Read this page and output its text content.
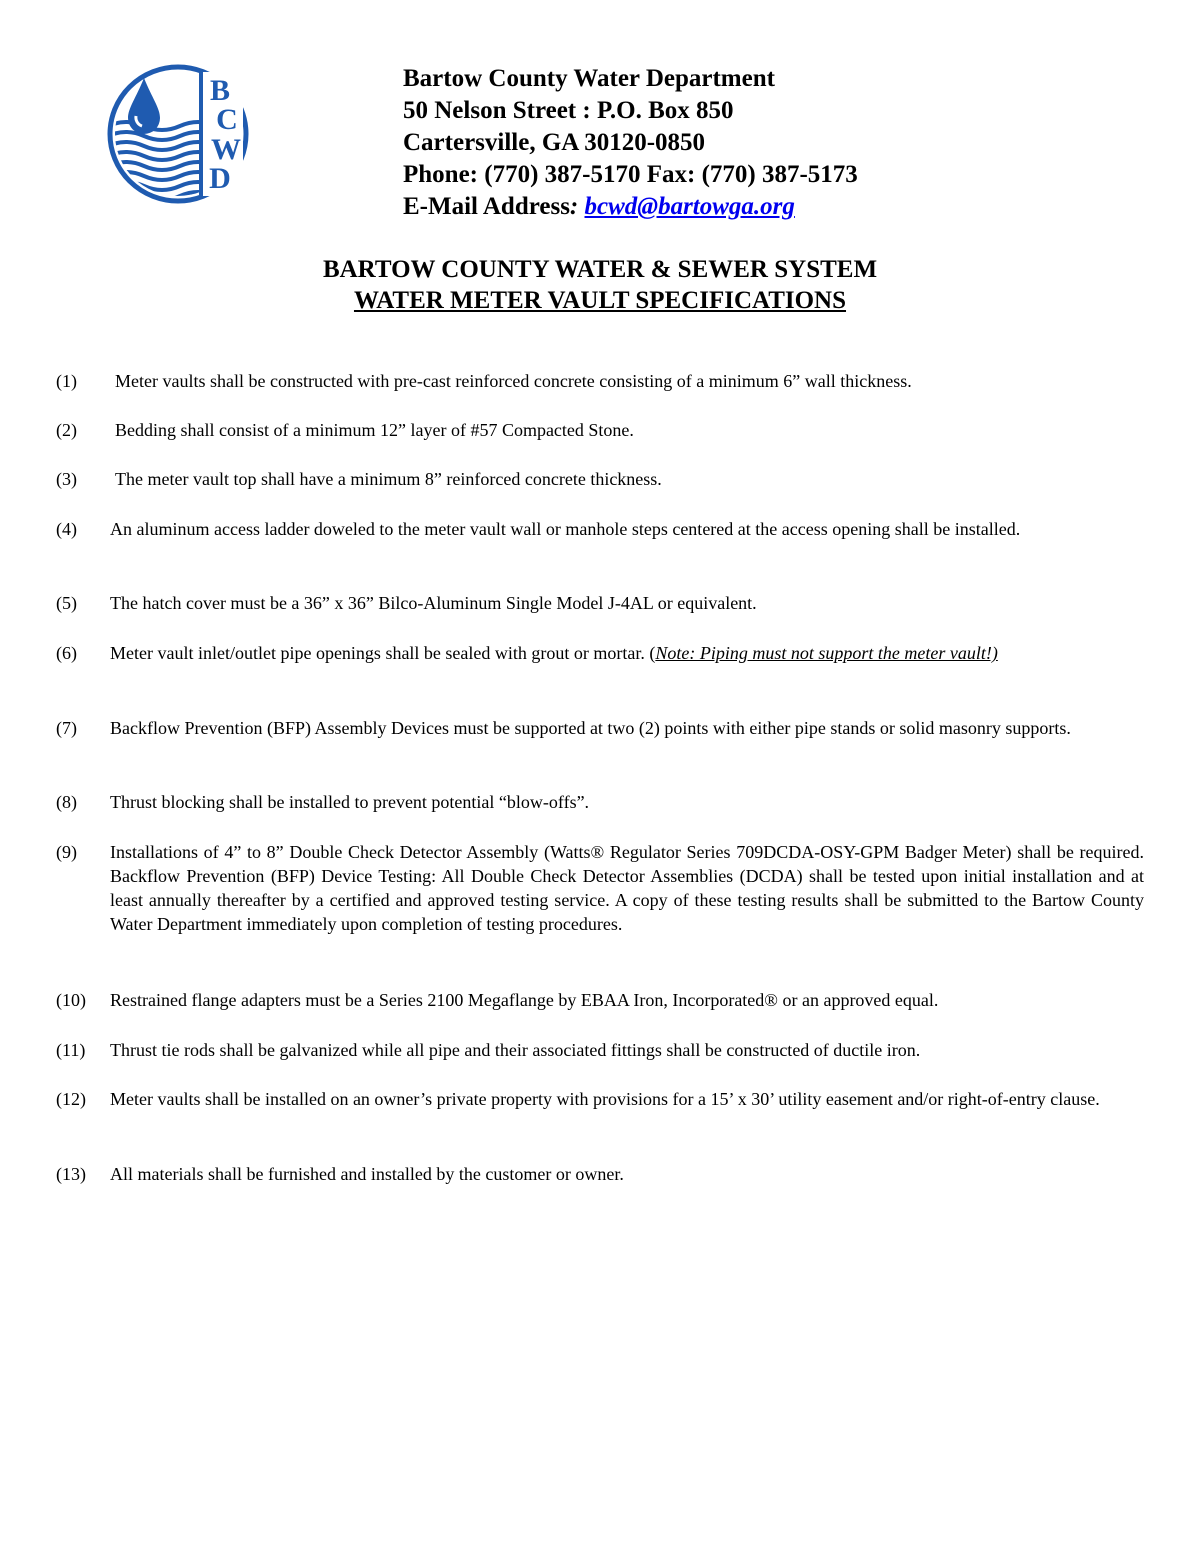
B
C
W
D
Bartow County Water Department
50 Nelson Street : P.O. Box 850
Cartersville, GA 30120-0850
Phone: (770) 387-5170 Fax: (770) 387-5173
E-Mail Address: bcwd@bartowga.org
BARTOW COUNTY WATER & SEWER SYSTEM
WATER METER VAULT SPECIFICATIONS
(1) Meter vaults shall be constructed with pre-cast reinforced concrete consisting of a minimum 6” wall thickness.
(2) Bedding shall consist of a minimum 12” layer of #57 Compacted Stone.
(3) The meter vault top shall have a minimum 8” reinforced concrete thickness.
(4) An aluminum access ladder doweled to the meter vault wall or manhole steps centered at the access opening shall be installed.
(5) The hatch cover must be a 36” x 36” Bilco-Aluminum Single Model J-4AL or equivalent.
(6) Meter vault inlet/outlet pipe openings shall be sealed with grout or mortar. (Note: Piping must not support the meter vault!)
(7) Backflow Prevention (BFP) Assembly Devices must be supported at two (2) points with either pipe stands or solid masonry supports.
(8) Thrust blocking shall be installed to prevent potential “blow-offs”.
(9) Installations of 4” to 8” Double Check Detector Assembly (Watts® Regulator Series 709DCDA-OSY-GPM Badger Meter) shall be required. Backflow Prevention (BFP) Device Testing: All Double Check Detector Assemblies (DCDA) shall be tested upon initial installation and at least annually thereafter by a certified and approved testing service. A copy of these testing results shall be submitted to the Bartow County Water Department immediately upon completion of testing procedures.
(10) Restrained flange adapters must be a Series 2100 Megaflange by EBAA Iron, Incorporated® or an approved equal.
(11) Thrust tie rods shall be galvanized while all pipe and their associated fittings shall be constructed of ductile iron.
(12) Meter vaults shall be installed on an owner’s private property with provisions for a 15’ x 30’ utility easement and/or right-of-entry clause.
(13) All materials shall be furnished and installed by the customer or owner.
